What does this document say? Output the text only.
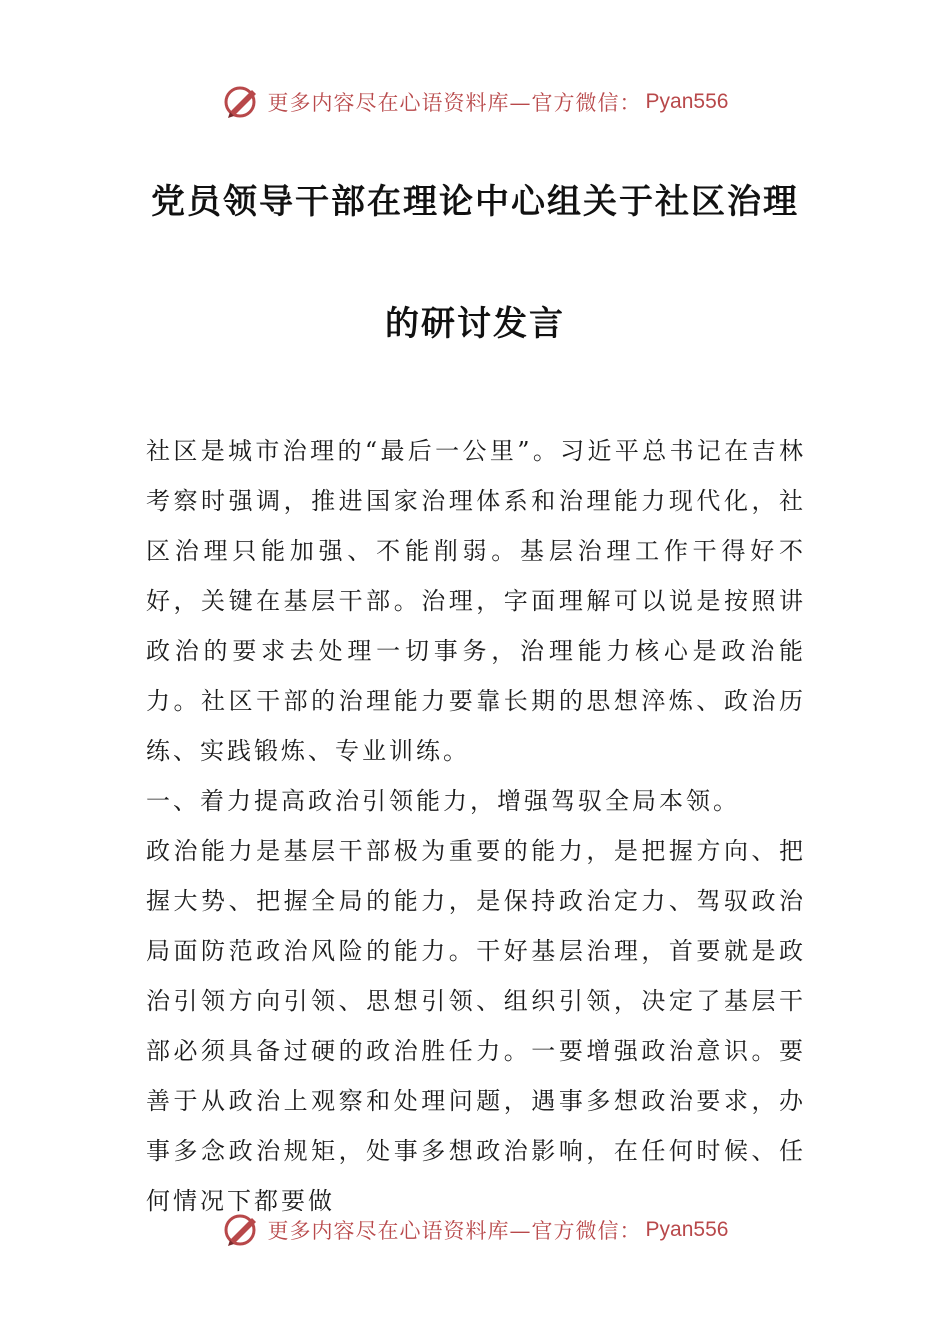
更多内容尽在心语资料库—官方微信： Pyan556
党员领导干部在理论中心组关于社区治理
的研讨发言

社区是城市治理的“最后一公里”。习近平总书记在吉林考察时强调，推进国家治理体系和治理能力现代化，社区治理只能加强、不能削弱。基层治理工作干得好不好，关键在基层干部。治理，字面理解可以说是按照讲政治的要求去处理一切事务，治理能力核心是政治能力。社区干部的治理能力要靠长期的思想淬炼、政治历练、实践锻炼、专业训练。

一、着力提高政治引领能力，增强驾驭全局本领。

政治能力是基层干部极为重要的能力，是把握方向、把握大势、把握全局的能力，是保持政治定力、驾驭政治局面防范政治风险的能力。干好基层治理，首要就是政治引领方向引领、思想引领、组织引领，决定了基层干部必须具备过硬的政治胜任力。一要增强政治意识。要善于从政治上观察和处理问题，遇事多想政治要求，办事多念政治规矩，处事多想政治影响，在任何时候、任何情况下都要做

更多内容尽在心语资料库—官方微信： Pyan556
